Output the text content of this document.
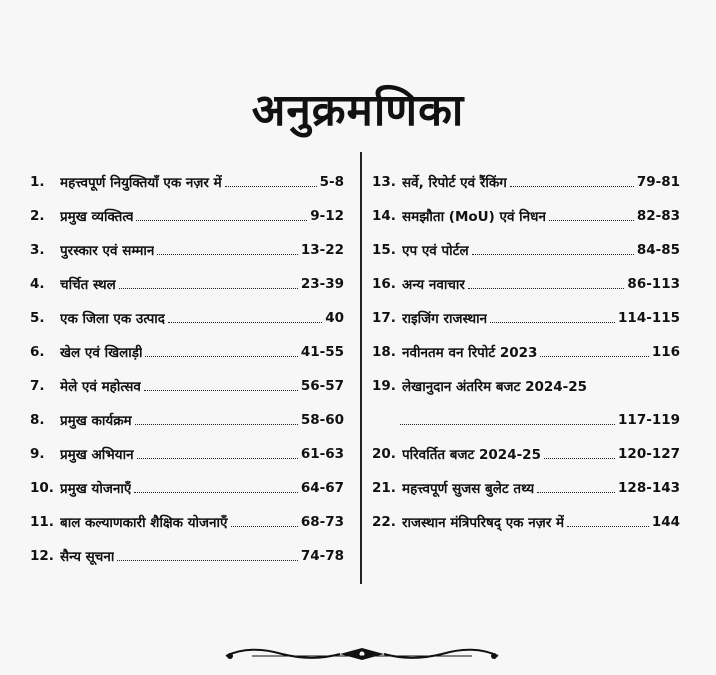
अनुक्रमणिका
1.	महत्त्वपूर्ण नियुक्तियाँ एक नज़र में	5-8
2.	प्रमुख व्यक्तित्व	9-12
3.	पुरस्कार एवं सम्मान	13-22
4.	चर्चित स्थल	23-39
5.	एक जिला एक उत्पाद	40
6.	खेल एवं खिलाड़ी	41-55
7.	मेले एवं महोत्सव	56-57
8.	प्रमुख कार्यक्रम	58-60
9.	प्रमुख अभियान	61-63
10. प्रमुख योजनाएँ	64-67
11. बाल कल्याणकारी शैक्षिक योजनाएँ	68-73
12. सैन्य सूचना	74-78
13. सर्वे, रिपोर्ट एवं रैंकिंग	79-81
14. समझौता (MoU) एवं निधन	82-83
15. एप एवं पोर्टल	84-85
16. अन्य नवाचार	86-113
17. राइजिंग राजस्थान	114-115
18. नवीनतम वन रिपोर्ट 2023	116
19. लेखानुदान अंतरिम बजट 2024-25
117-119
20. परिवर्तित बजट 2024-25	120-127
21. महत्त्वपूर्ण सुजस बुलेट तथ्य	128-143
22. राजस्थान मंत्रिपरिषद् एक नज़र में	144
